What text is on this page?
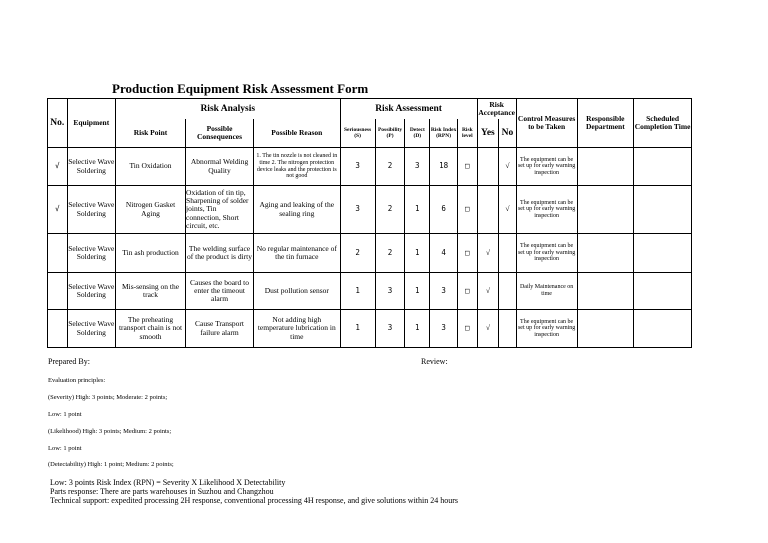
Production Equipment Risk Assessment Form
No.	Equipment	Risk Analysis			Risk Assessment					Risk Acceptance		Control Measures to be Taken	Responsible Department	Scheduled Completion Time
		Risk Point	Possible Consequences	Possible Reason	Seriousness (S)	Possibility (P)	Detect (D)	Risk Index (RPN)	Risk level	Yes	No			
√	Selective Wave Soldering	Tin Oxidation	Abnormal Welding Quality	1. The tin nozzle is not cleaned in time 2. The nitrogen protection device leaks and the protection is not good	3	2	3	18	□		√	The equipment can be set up for early warning inspection		
√	Selective Wave Soldering	Nitrogen Gasket Aging	Oxidation of tin tip, Sharpening of solder joints, Tin connection, Short circuit, etc.	Aging and leaking of the sealing ring	3	2	1	6	□		√	The equipment can be set up for early warning inspection		
	Selective Wave Soldering	Tin ash production	The welding surface of the product is dirty	No regular maintenance of the tin furnace	2	2	1	4	□	√		The equipment can be set up for early warning inspection		
	Selective Wave Soldering	Mis-sensing on the track	Causes the board to enter the timeout alarm	Dust pollution sensor	1	3	1	3	□	√		Daily Maintenance on time		
	Selective Wave Soldering	The preheating transport chain is not smooth	Cause Transport failure alarm	Not adding high temperature lubrication in time	1	3	1	3	□	√		The equipment can be set up for early warning inspection		
Prepared By:	Review:
Evaluation principles:
(Severity) High: 3 points; Moderate: 2 points;
Low: 1 point
(Likelihood) High: 3 points; Medium: 2 points;
Low: 1 point
(Detectability) High: 1 point; Medium: 2 points;
Low: 3 points Risk Index (RPN) = Severity X Likelihood X Detectability
Parts response: There are parts warehouses in Suzhou and Changzhou
Technical support: expedited processing 2H response, conventional processing 4H response, and give solutions within 24 hours
